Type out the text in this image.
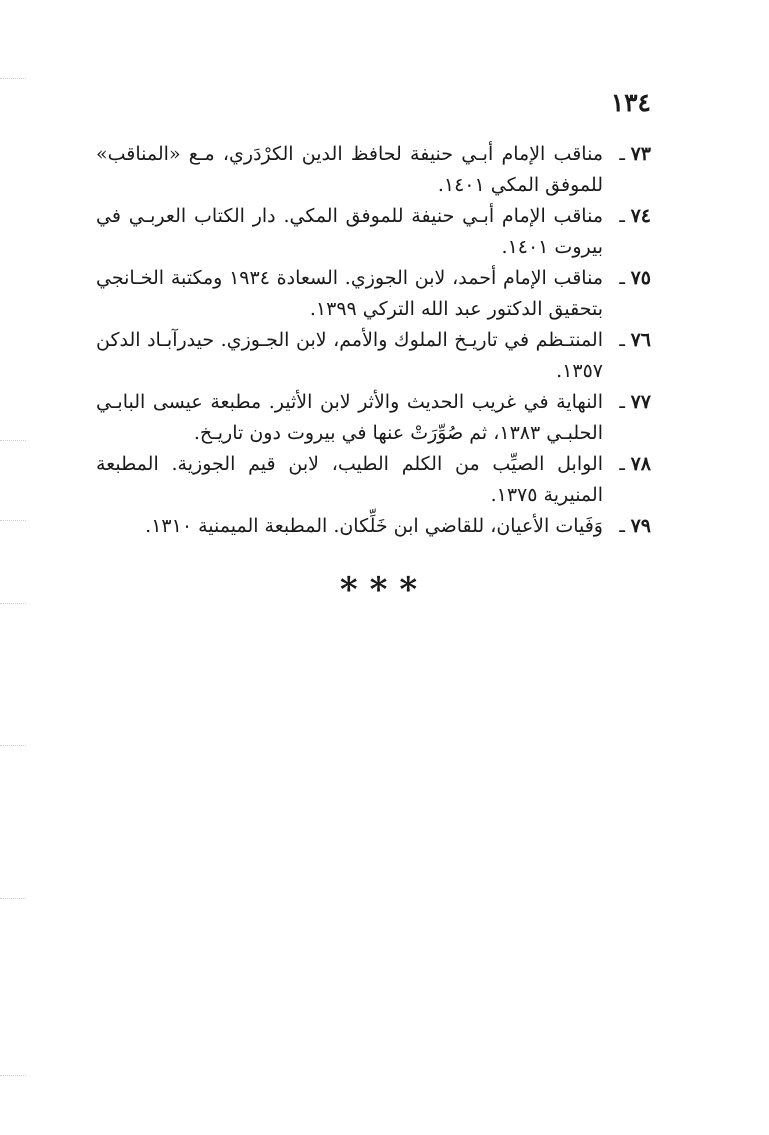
١٣٤
٧٣
ـ
مناقب الإمام أبـي حنيفة لحافظ الدين الكرْدَري، مـع «المناقب» للموفق المكي ١٤٠١.
٧٤
ـ
مناقب الإمام أبـي حنيفة للموفق المكي. دار الكتاب العربـي في بيروت ١٤٠١.
٧٥
ـ
مناقب الإمام أحمد، لابن الجوزي. السعادة ١٩٣٤ ومكتبة الخـانجي بتحقيق الدكتور عبد الله التركي ١٣٩٩.
٧٦
ـ
المنتـظم في تاريـخ الملوك والأمم، لابن الجـوزي. حيدرآبـاد الدكن ١٣٥٧.
٧٧
ـ
النهاية في غريب الحديث والأثر لابن الأثير. مطبعة عيسى البابـي الحلبـي ١٣٨٣، ثم صُوِّرَتْ عنها في بيروت دون تاريـخ.
٧٨
ـ
الوابل الصيِّب من الكلم الطيب، لابن قيم الجوزية. المطبعة المنيرية ١٣٧٥.
٧٩
ـ
وَفَيات الأعيان، للقاضي ابن خَلِّكان. المطبعة الميمنية ١٣١٠.
***
